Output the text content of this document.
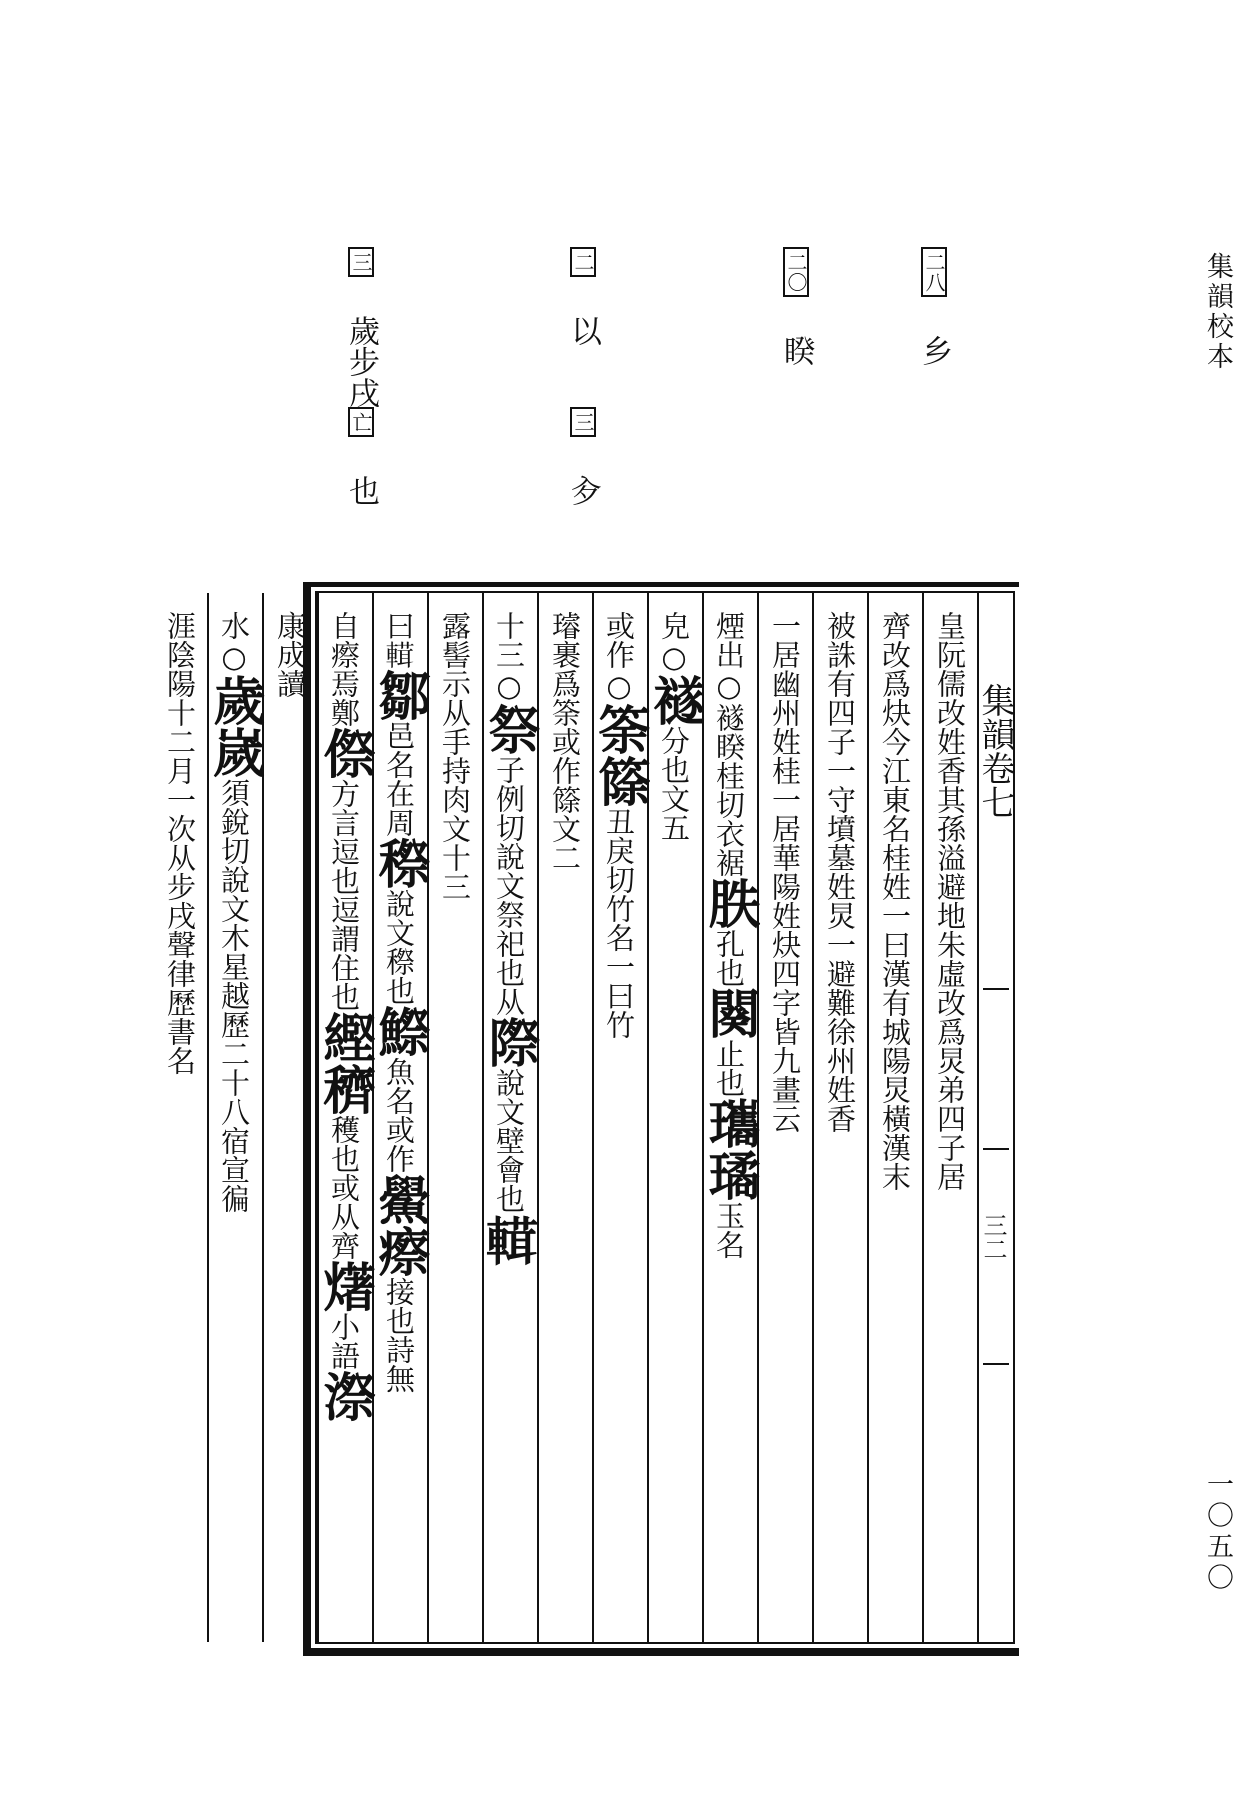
集韻校本
一〇五〇
二八 乡
二〇 睽
二 以
三 㒱
三 歲步戌
亡 也
集韻卷七
三二
皇阮儒改姓香其孫溢避地朱虛改爲炅弟四子居
齊改爲炔今江東名桂姓一曰漢有城陽炅橫漢末
被誅有四子一守墳墓姓炅一避難徐州姓香
一居幽州姓桂一居華陽姓炔四字皆九畫云
煙出○襚睽桂切衣裾胅孔也闋止也瓗璚玉名
皃○襚分也文五
或作○筡篨丑戾切竹名一曰竹
璿裹爲筡或作篨文二
十三○祭子例切說文祭祀也从際說文壁會也𨍷
露髻示从手持肉文十三
曰𨍷鄒邑名在周穄說文穄也鰶魚名或作鱟瘵接也詩無
自瘵焉鄭傺方言逗也逗謂住也䌑穧穫也或从齊𤏸小語漈
康成讀
水○歲嵗須銳切說文木星越歷二十八宿宣徧
涯陰陽十二月一次从步戌聲律歷書名
